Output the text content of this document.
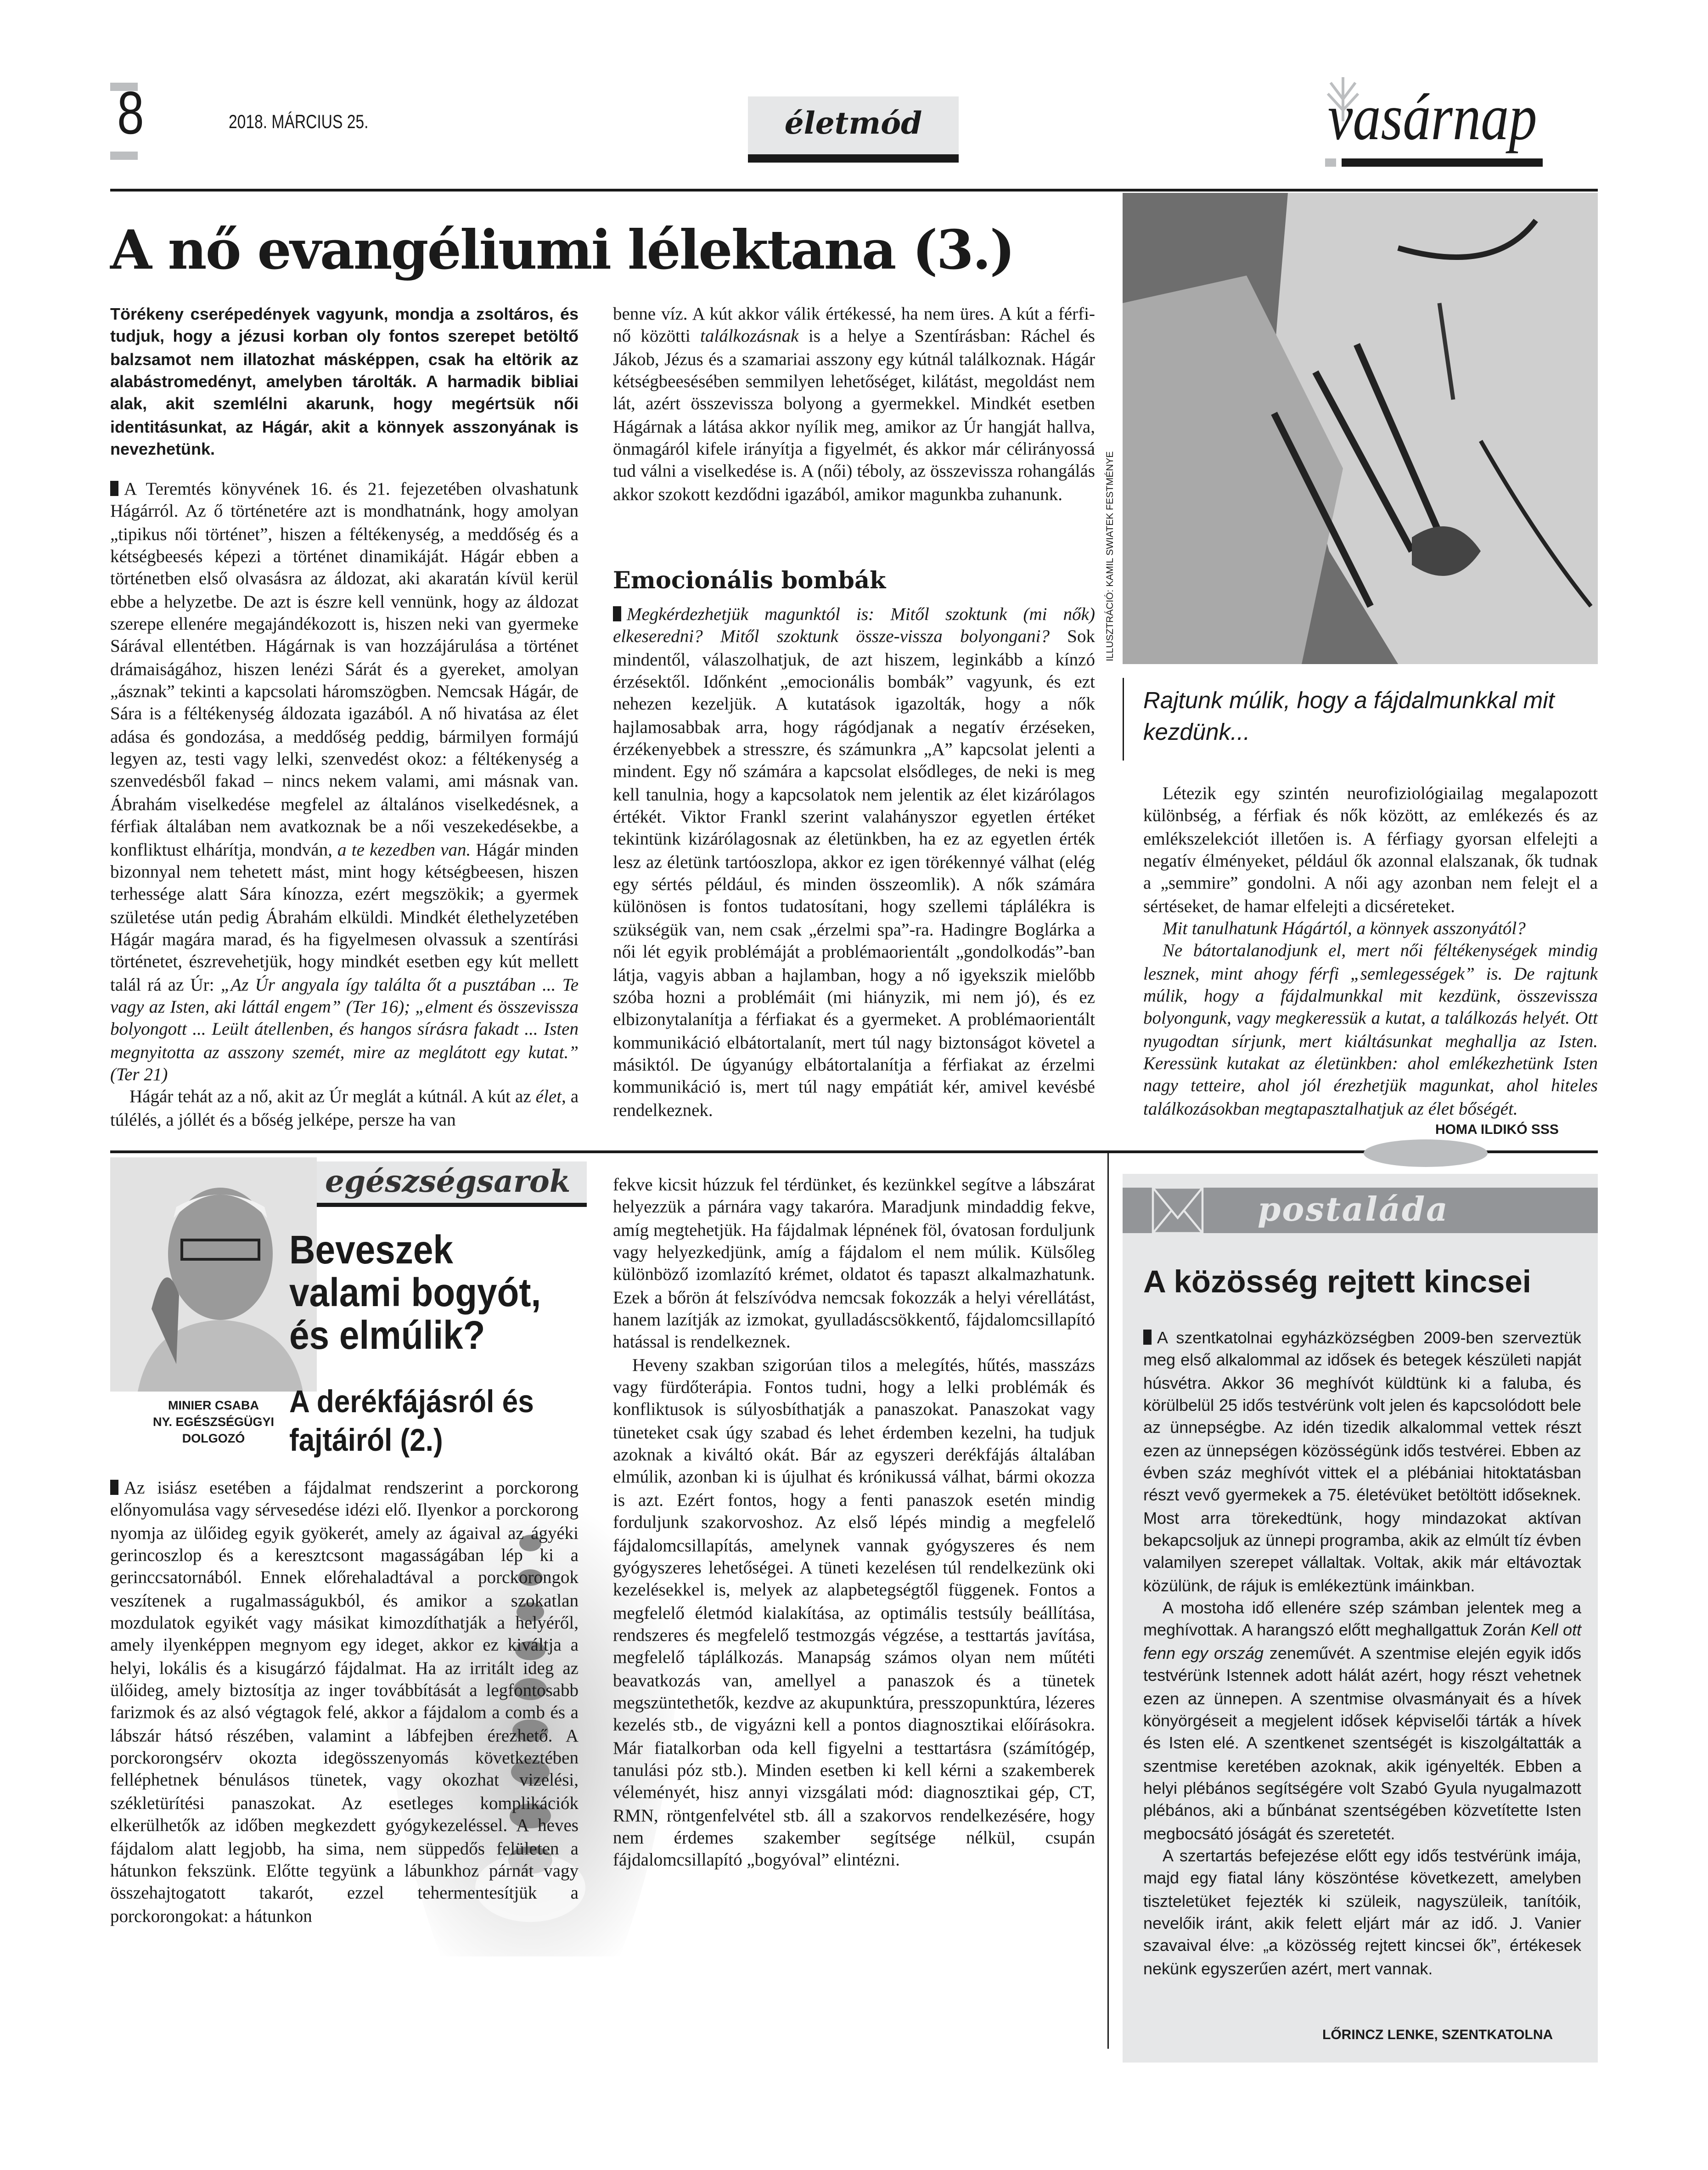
8	2018. MÁRCIUS 25.	életmód	vasárnap
A nő evangéliumi lélektana (3.)
Törékeny cserépedények vagyunk, mondja a zsoltáros, és tudjuk, hogy a jézusi korban oly fontos szerepet betöltő balzsamot nem illatozhat másképpen, csak ha eltörik az alabástromedényt, amelyben tárolták. A harmadik bibliai alak, akit szemlélni akarunk, hogy megértsük női identitásunkat, az Hágár, akit a könnyek asszonyának is nevezhetünk.

A Teremtés könyvének 16. és 21. fejezetében olvashatunk Hágárról. Az ő történetére azt is mondhatnánk, hogy amolyan „tipikus női történet”, hiszen a féltékenység, a meddőség és a kétségbeesés képezi a történet dinamikáját. Hágár ebben a történetben első olvasásra az áldozat, aki akaratán kívül kerül ebbe a helyzetbe. De azt is észre kell vennünk, hogy az áldozat szerepe ellenére megajándékozott is, hiszen neki van gyermeke Sárával ellentétben. Hágárnak is van hozzájárulása a történet drámaiságához, hiszen lenézi Sárát és a gyereket, amolyan „ásznak” tekinti a kapcsolati háromszögben. Nemcsak Hágár, de Sára is a féltékenység áldozata igazából. A nő hivatása az élet adása és gondozása, a meddőség peddig, bármilyen formájú legyen az, testi vagy lelki, szenvedést okoz: a féltékenység a szenvedésből fakad – nincs nekem valami, ami másnak van. Ábrahám viselkedése megfelel az általános viselkedésnek, a férfiak általában nem avatkoznak be a női veszekedésekbe, a konfliktust elhárítja, mondván, a te kezedben van. Hágár minden bizonnyal nem tehetett mást, mint hogy kétségbeesen, hiszen terhessége alatt Sára kínozza, ezért megszökik; a gyermek születése után pedig Ábrahám elküldi. Mindkét élethelyzetében Hágár magára marad, és ha figyelmesen olvassuk a szentírási történetet, észrevehetjük, hogy mindkét esetben egy kút mellett talál rá az Úr: „Az Úr angyala így találta őt a pusztában ... Te vagy az Isten, aki láttál engem” (Ter 16); „elment és összevissza bolyongott ... Leült átellenben, és hangos sírásra fakadt ... Isten megnyitotta az asszony szemét, mire az meglátott egy kutat.” (Ter 21)

Hágár tehát az a nő, akit az Úr meglát a kútnál. A kút az élet, a túlélés, a jóllét és a bőség jelképe, persze ha van

benne víz. A kút akkor válik értékessé, ha nem üres. A kút a férfi-nő közötti találkozásnak is a helye a Szentírásban: Ráchel és Jákob, Jézus és a szamariai asszony egy kútnál találkoznak. Hágár kétségbeesésében semmilyen lehetőséget, kilátást, megoldást nem lát, azért összevissza bolyong a gyermekkel. Mindkét esetben Hágárnak a látása akkor nyílik meg, amikor az Úr hangját hallva, önmagáról kifele irányítja a figyelmét, és akkor már célirányossá tud válni a viselkedése is. A (női) téboly, az összevissza rohangálás akkor szokott kezdődni igazából, amikor magunkba zuhanunk.

Emocionális bombák

Megkérdezhetjük magunktól is: Mitől szoktunk (mi nők) elkeseredni? Mitől szoktunk össze-vissza bolyongani? Sok mindentől, válaszolhatjuk, de azt hiszem, leginkább a kínzó érzésektől. Időnként „emocionális bombák” vagyunk, és ezt nehezen kezeljük. A kutatások igazolták, hogy a nők hajlamosabbak arra, hogy rágódjanak a negatív érzéseken, érzékenyebbek a stresszre, és számunkra „A” kapcsolat jelenti a mindent. Egy nő számára a kapcsolat elsődleges, de neki is meg kell tanulnia, hogy a kapcsolatok nem jelentik az élet kizárólagos értékét. Viktor Frankl szerint valahányszor egyetlen értéket tekintünk kizárólagosnak az életünkben, ha ez az egyetlen érték lesz az életünk tartóoszlopa, akkor ez igen törékennyé válhat (elég egy sértés például, és minden összeomlik). A nők számára különösen is fontos tudatosítani, hogy szellemi táplálékra is szükségük van, nem csak „érzelmi spa”-ra. Hadingre Boglárka a női lét egyik problémáját a problémaorientált „gondolkodás”-ban látja, vagyis abban a hajlamban, hogy a nő igyekszik mielőbb szóba hozni a problémáit (mi hiányzik, mi nem jó), és ez elbizonytalanítja a férfiakat és a gyermeket. A problémaorientált kommunikáció elbátortalanít, mert túl nagy biztonságot követel a másiktól. De úgyanúgy elbátortalanítja a férfiakat az érzelmi kommunikáció is, mert túl nagy empátiát kér, amivel kevésbé rendelkeznek.

ILLUSZTRÁCIÓ: KAMIL SWIATEK FESTMÉNYE
Rajtunk múlik, hogy a fájdalmunkkal mit kezdünk...

Létezik egy szintén neurofiziológiailag megalapozott különbség, a férfiak és nők között, az emlékezés és az emlékszelekciót illetően is. A férfiagy gyorsan elfelejti a negatív élményeket, például ők azonnal elalszanak, ők tudnak a „semmire” gondolni. A női agy azonban nem felejt el a sértéseket, de hamar elfelejti a dicséreteket.

Mit tanulhatunk Hágártól, a könnyek asszonyától?

Ne bátortalanodjunk el, mert női féltékenységek mindig lesznek, mint ahogy férfi „semlegességek” is. De rajtunk múlik, hogy a fájdalmunkkal mit kezdünk, összevissza bolyongunk, vagy megkeressük a kutat, a találkozás helyét. Ott nyugodtan sírjunk, mert kiáltásunkat meghallja az Isten. Keressünk kutakat az életünkben: ahol emlékezhetünk Isten nagy tetteire, ahol jól érezhetjük magunkat, ahol hiteles találkozásokban megtapasztalhatjuk az élet bőségét.

HOMA ILDIKÓ SSS
MINIER CSABA
NY. EGÉSZSÉGÜGYI
DOLGOZÓ
egészségsarok
Beveszek valami bogyót, és elmúlik?
A derékfájásról és fajtáiról (2.)

Az isiász esetében a fájdalmat rendszerint a porckorong előnyomulása vagy sérvesedése idézi elő. Ilyenkor a porckorong nyomja az ülőideg egyik gyökerét, amely az ágaival az ágyéki gerincoszlop és a keresztcsont magasságában lép ki a gerinccsatornából. Ennek előrehaladtával a porckorongok veszítenek a rugalmasságukból, és amikor a szokatlan mozdulatok egyikét vagy másikat kimozdíthatják a helyéről, amely ilyenképpen megnyom egy ideget, akkor ez kiváltja a helyi, lokális és a kisugárzó fájdalmat. Ha az irritált ideg az ülőideg, amely biztosítja az inger továbbítását a legfontosabb farizmok és az alsó végtagok felé, akkor a fájdalom a comb és a lábszár hátsó részében, valamint a lábfejben érezhető. A porckorongsérv okozta idegösszenyomás következtében felléphetnek bénulásos tünetek, vagy okozhat vizelési, székletürítési panaszokat. Az esetleges komplikációk elkerülhetők az időben megkezdett gyógykezeléssel. A heves fájdalom alatt legjobb, ha sima, nem süppedős felületen a hátunkon fekszünk. Előtte tegyünk a lábunkhoz párnát vagy összehajtogatott takarót, ezzel tehermentesítjük a porckorongokat: a hátunkon

fekve kicsit húzzuk fel térdünket, és kezünkkel segítve a lábszárat helyezzük a párnára vagy takaróra. Maradjunk mindaddig fekve, amíg megtehetjük. Ha fájdalmak lépnének föl, óvatosan forduljunk vagy helyezkedjünk, amíg a fájdalom el nem múlik. Külsőleg különböző izomlazító krémet, oldatot és tapaszt alkalmazhatunk. Ezek a bőrön át felszívódva nemcsak fokozzák a helyi vérellátást, hanem lazítják az izmokat, gyulladáscsökkentő, fájdalomcsillapító hatással is rendelkeznek.

Heveny szakban szigorúan tilos a melegítés, hűtés, masszázs vagy fürdőterápia. Fontos tudni, hogy a lelki problémák és konfliktusok is súlyosbíthatják a panaszokat. Panaszokat vagy tüneteket csak úgy szabad és lehet érdemben kezelni, ha tudjuk azoknak a kiváltó okát. Bár az egyszeri derékfájás általában elmúlik, azonban ki is újulhat és krónikussá válhat, bármi okozza is azt. Ezért fontos, hogy a fenti panaszok esetén mindig forduljunk szakorvoshoz. Az első lépés mindig a megfelelő fájdalomcsillapítás, amelynek vannak gyógyszeres és nem gyógyszeres lehetőségei. A tüneti kezelésen túl rendelkezünk oki kezelésekkel is, melyek az alapbetegségtől függenek. Fontos a megfelelő életmód kialakítása, az optimális testsúly beállítása, rendszeres és megfelelő testmozgás végzése, a testtartás javítása, megfelelő táplálkozás. Manapság számos olyan nem műtéti beavatkozás van, amellyel a panaszok és a tünetek megszüntethetők, kezdve az akupunktúra, presszopunktúra, lézeres kezelés stb., de vigyázni kell a pontos diagnosztikai előírásokra. Már fiatalkorban oda kell figyelni a testtartásra (számítógép, tanulási póz stb.). Minden esetben ki kell kérni a szakemberek véleményét, hisz annyi vizsgálati mód: diagnosztikai gép, CT, RMN, röntgenfelvétel stb. áll a szakorvos rendelkezésére, hogy nem érdemes szakember segítsége nélkül, csupán fájdalomcsillapító „bogyóval” elintézni.

postaláda
A közösség rejtett kincsei

A szentkatolnai egyházközségben 2009-ben szerveztük meg első alkalommal az idősek és betegek készületi napját húsvétra. Akkor 36 meghívót küldtünk ki a faluba, és körülbelül 25 idős testvérünk volt jelen és kapcsolódott bele az ünnepségbe. Az idén tizedik alkalommal vettek részt ezen az ünnepségen közösségünk idős testvérei. Ebben az évben száz meghívót vittek el a plébániai hitoktatásban részt vevő gyermekek a 75. életévüket betöltött időseknek. Most arra törekedtünk, hogy mindazokat aktívan bekapcsoljuk az ünnepi programba, akik az elmúlt tíz évben valamilyen szerepet vállaltak. Voltak, akik már eltávoztak közülünk, de rájuk is emlékeztünk imáinkban.

A mostoha idő ellenére szép számban jelentek meg a meghívottak. A harangszó előtt meghallgattuk Zorán Kell ott fenn egy ország zeneművét. A szentmise elején egyik idős testvérünk Istennek adott hálát azért, hogy részt vehetnek ezen az ünnepen. A szentmise olvasmányait és a hívek könyörgéseit a megjelent idősek képviselői tárták a hívek és Isten elé. A szentkenet szentségét is kiszolgáltatták a szentmise keretében azoknak, akik igényelték. Ebben a helyi plébános segítségére volt Szabó Gyula nyugalmazott plébános, aki a bűnbánat szentségében közvetítette Isten megbocsátó jóságát és szeretetét.

A szertartás befejezése előtt egy idős testvérünk imája, majd egy fiatal lány köszöntése következett, amelyben tiszteletüket fejezték ki szüleik, nagyszüleik, tanítóik, nevelőik iránt, akik felett eljárt már az idő. J. Vanier szavaival élve: „a közösség rejtett kincsei ők”, értékesek nekünk egyszerűen azért, mert vannak.

LŐRINCZ LENKE, SZENTKATOLNA
